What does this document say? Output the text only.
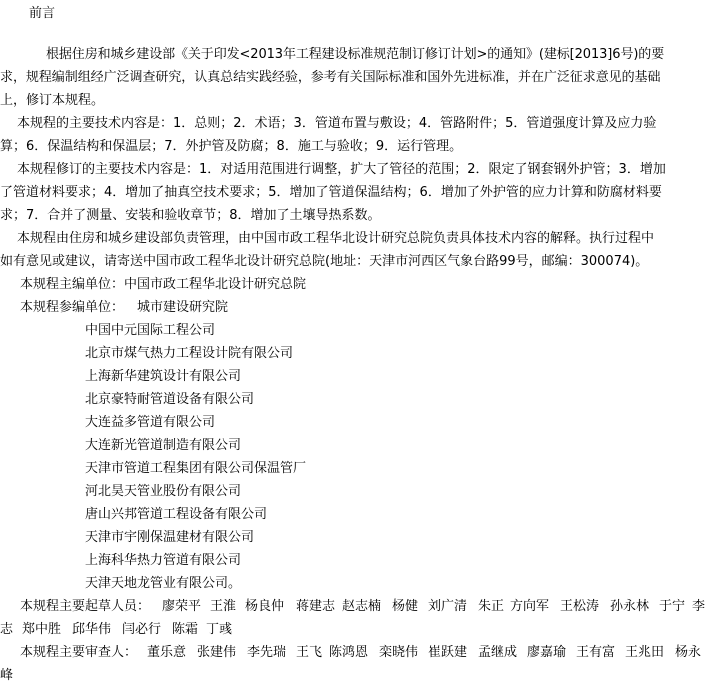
前言

根据住房和城乡建设部《关于印发<2013年工程建设标准规范制订修订计划>的通知》(建标[2013]6号)的要

求，规程编制组经广泛调查研究，认真总结实践经验，参考有关国际标准和国外先进标准，并在广泛征求意见的基础

上，修订本规程。

本规程的主要技术内容是：1．总则；2．术语；3．管道布置与敷设；4．管路附件；5．管道强度计算及应力验

算；6．保温结构和保温层；7．外护管及防腐；8．施工与验收；9．运行管理。

本规程修订的主要技术内容是：1．对适用范围进行调整，扩大了管径的范围；2．限定了钢套钢外护管；3．增加

了管道材料要求；4．增加了抽真空技术要求；5．增加了管道保温结构；6．增加了外护管的应力计算和防腐材料要

求；7．合并了测量、安装和验收章节；8．增加了土壤导热系数。

本规程由住房和城乡建设部负责管理，由中国市政工程华北设计研究总院负责具体技术内容的解释。执行过程中

如有意见或建议，请寄送中国市政工程华北设计研究总院(地址：天津市河西区气象台路99号，邮编：300074)。

本规程主编单位：中国市政工程华北设计研究总院

本规程参编单位： 城市建设研究院

中国中元国际工程公司

北京市煤气热力工程设计院有限公司

上海新华建筑设计有限公司

北京豪特耐管道设备有限公司

大连益多管道有限公司

大连新光管道制造有限公司

天津市管道工程集团有限公司保温管厂

河北昊天管业股份有限公司

唐山兴邦管道工程设备有限公司

天津市宇刚保温建材有限公司

上海科华热力管道有限公司

天津天地龙管业有限公司。

本规程主要起草人员： 廖荣平 王淮 杨良仲 蒋建志 赵志楠 杨健 刘广清 朱正 方向军 王松涛 孙永林 于宁 李

志 郑中胜 邱华伟 闫必行 陈霜 丁彧

本规程主要审查人： 董乐意 张建伟 李先瑞 王飞 陈鸿恩 栾晓伟 崔跃建 孟继成 廖嘉瑜 王有富 王兆田 杨永

峰
